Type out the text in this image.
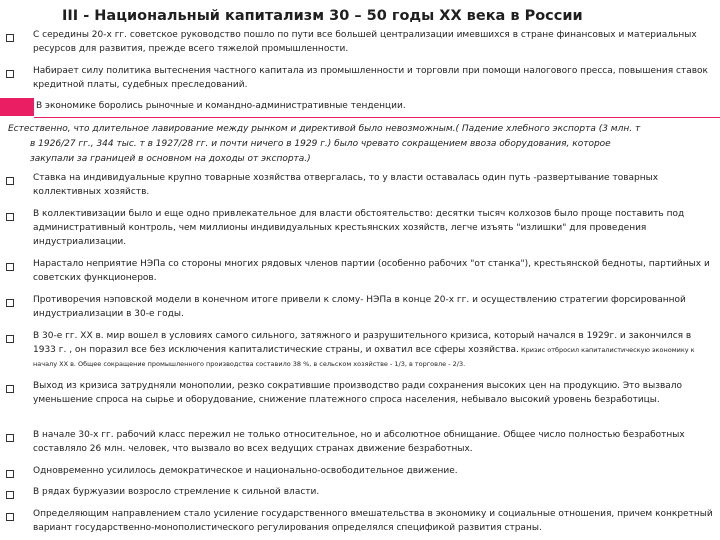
III - Национальный капитализм 30 – 50 годы XX века в России
С середины 20-х гг. советское руководство пошло по пути все большей централизации имевшихся в стране финансовых и материальных ресурсов для развития, прежде всего тяжелой промышленности.
Набирает силу политика вытеснения частного капитала из промышленности и торговли при помощи налогового пресса, повышения ставок кредитной платы, судебных преследований.
В экономике боролись рыночные и командно-административные тенденции.
Естественно, что длительное лавирование между рынком и директивой было невозможным.( Падение хлебного экспорта (3 млн. т
в 1926/27 гг., 344 тыс. т в 1927/28 гг. и почти ничего в 1929 г.) было чревато сокращением ввоза оборудования, которое
закупали за границей в основном на доходы от экспорта.)
Ставка на индивидуальные крупно товарные хозяйства отвергалась, то у власти оставалась один путь -развертывание товарных коллективных хозяйств.
В коллективизации было и еще одно привлекательное для власти обстоятельство: десятки тысяч колхозов было проще поставить под административный контроль, чем миллионы индивидуальных крестьянских хозяйств, легче изъять "излишки" для проведения индустриализации.
Нарастало неприятие НЭПа со стороны многих рядовых членов партии (особенно рабочих "от станка"), крестьянской бедноты, партийных и советских функционеров.
Противоречия нэповской модели в конечном итоге привели к слому- НЭПа в конце 20-х гг. и осуществлению стратегии форсированной индустриализации в 30-е годы.
В 30-е гг. XX в. мир вошел в условиях самого сильного, затяжного и разрушительного кризиса, который начался в 1929г. и закончился в 1933 г. , он поразил все без исключения капиталистические страны, и охватил все сферы хозяйства. Кризис отбросил капиталистическую экономику к началу XX в. Общее сокращение промышленного производства составило 38 %, в сельском хозяйстве - 1/3, в торговле - 2/3.
Выход из кризиса затрудняли монополии, резко сократившие производство ради сохранения высоких цен на продукцию. Это вызвало уменьшение спроса на сырье и оборудование, снижение платежного спроса населения, небывало высокий уровень безработицы.
В начале 30-х гг. рабочий класс пережил не только относительное, но и абсолютное обнищание. Общее число полностью безработных составляло 26 млн. человек, что вызвало во всех ведущих странах движение безработных.
Одновременно усилилось демократическое и национально-освободительное движение.
В рядах буржуазии возросло стремление к сильной власти.
Определяющим направлением стало усиление государственного вмешательства в экономику и социальные отношения, причем конкретный вариант государственно-монополистического регулирования определялся спецификой развития страны.
